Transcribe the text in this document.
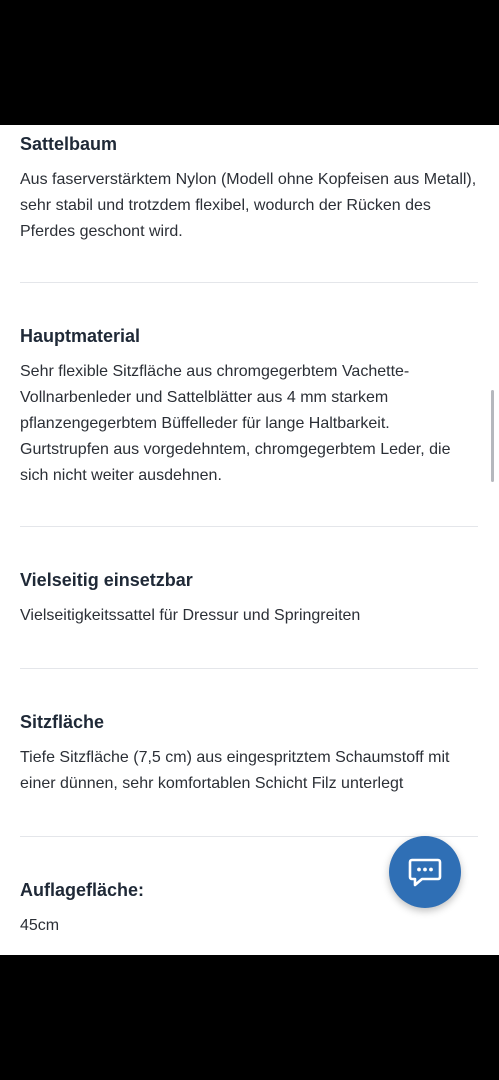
Sattelbaum

Aus faserverstärktem Nylon (Modell ohne Kopfeisen aus Metall), sehr stabil und trotzdem flexibel, wodurch der Rücken des Pferdes geschont wird.

Hauptmaterial

Sehr flexible Sitzfläche aus chromgegerbtem Vachette-Vollnarbenleder und Sattelblätter aus 4 mm starkem pflanzengegerbtem Büffelleder für lange Haltbarkeit. Gurtstrupfen aus vorgedehntem, chromgegerbtem Leder, die sich nicht weiter ausdehnen.

Vielseitig einsetzbar

Vielseitigkeitssattel für Dressur und Springreiten

Sitzfläche

Tiefe Sitzfläche (7,5 cm) aus eingespritztem Schaumstoff mit einer dünnen, sehr komfortablen Schicht Filz unterlegt

Auflagefläche:

45cm
